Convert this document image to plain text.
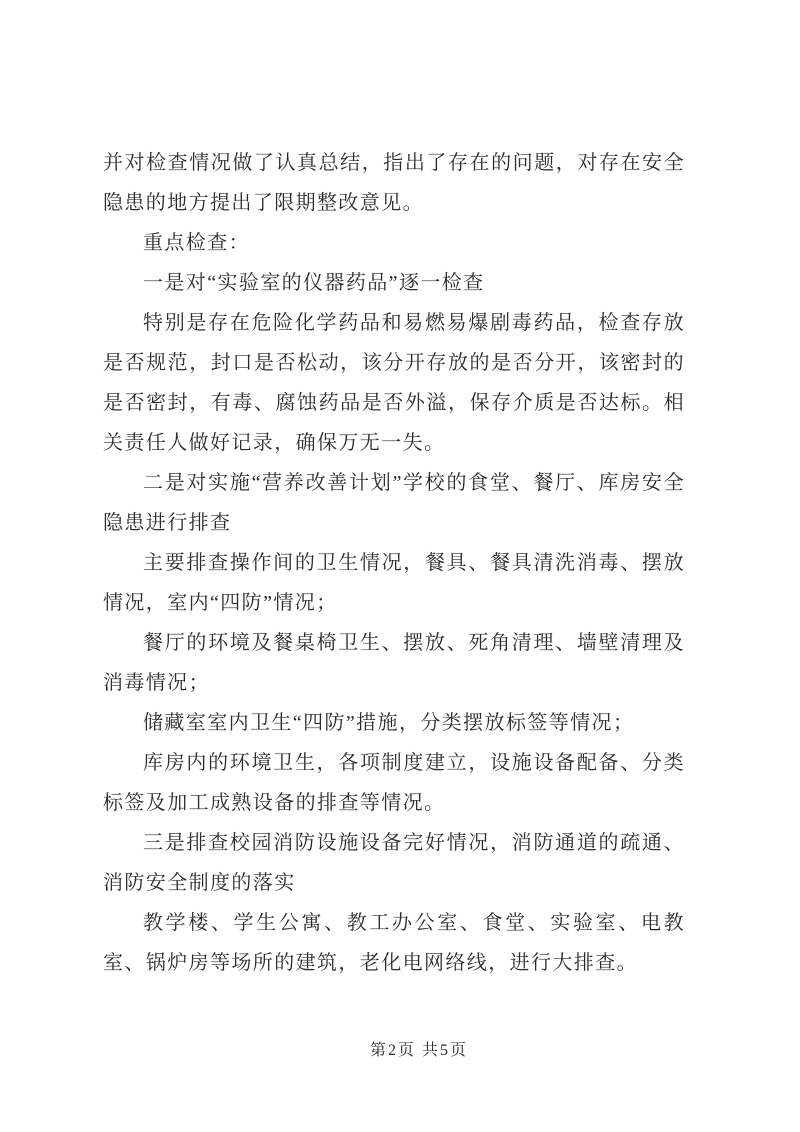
并对检查情况做了认真总结，指出了存在的问题，对存在安全隐患的地方提出了限期整改意见。

重点检查：

一是对“实验室的仪器药品”逐一检查

特别是存在危险化学药品和易燃易爆剧毒药品，检查存放是否规范，封口是否松动，该分开存放的是否分开，该密封的是否密封，有毒、腐蚀药品是否外溢，保存介质是否达标。相关责任人做好记录，确保万无一失。

二是对实施“营养改善计划”学校的食堂、餐厅、库房安全隐患进行排查

主要排查操作间的卫生情况，餐具、餐具清洗消毒、摆放情况，室内“四防”情况；

餐厅的环境及餐桌椅卫生、摆放、死角清理、墙壁清理及消毒情况；

储藏室室内卫生“四防”措施，分类摆放标签等情况；

库房内的环境卫生，各项制度建立，设施设备配备、分类标签及加工成熟设备的排查等情况。

三是排查校园消防设施设备完好情况，消防通道的疏通、消防安全制度的落实

教学楼、学生公寓、教工办公室、食堂、实验室、电教室、锅炉房等场所的建筑，老化电网络线，进行大排查。

第2页 共5页
